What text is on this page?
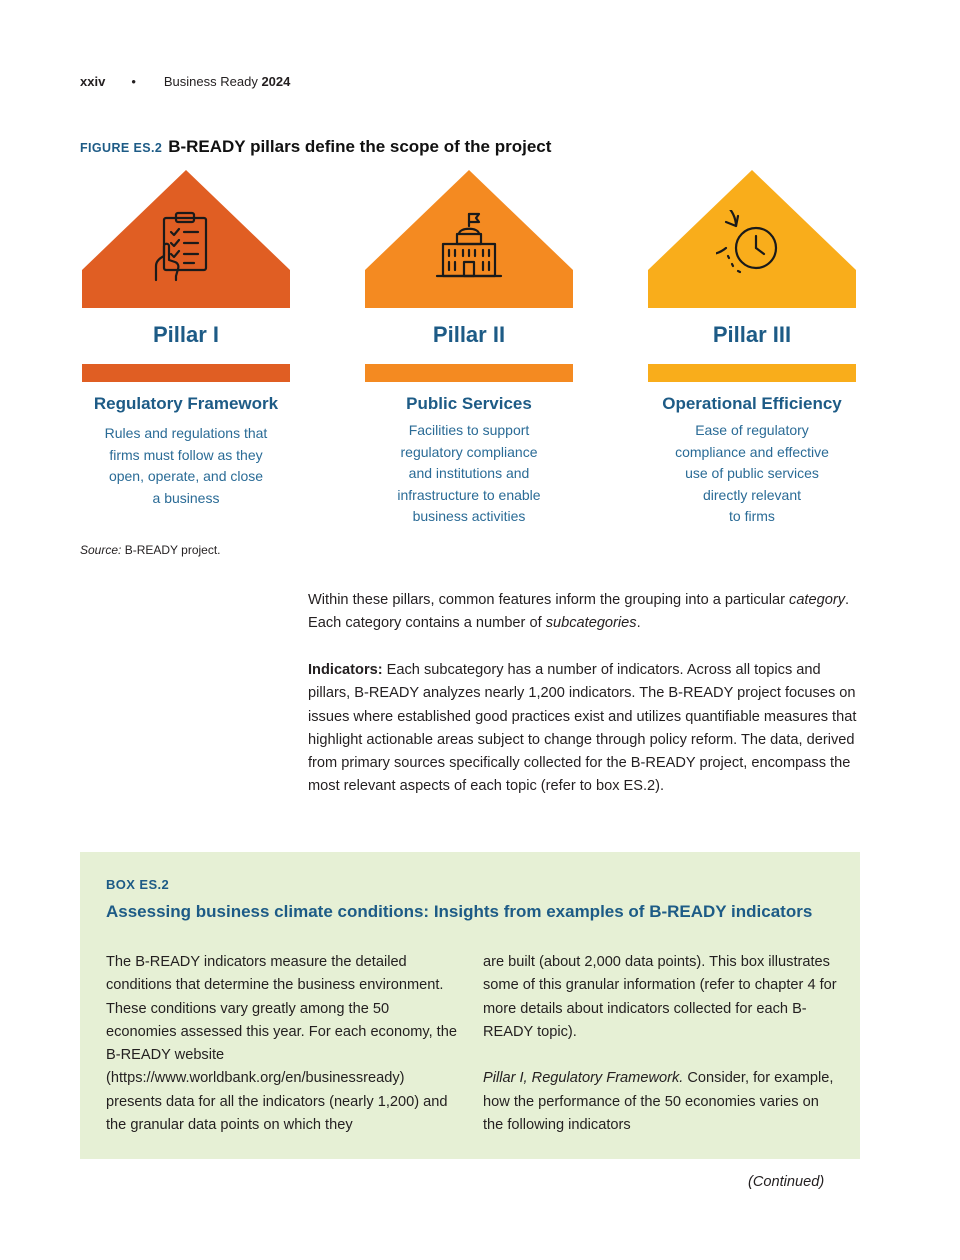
xxiv • Business Ready 2024
FIGURE ES.2 B-READY pillars define the scope of the project
Pillar I
Regulatory Framework
Rules and regulations that
firms must follow as they
open, operate, and close
a business
Pillar II
Public Services
Facilities to support
regulatory compliance
and institutions and
infrastructure to enable
business activities
Pillar III
Operational Efficiency
Ease of regulatory
compliance and effective
use of public services
directly relevant
to firms
Source: B-READY project.

Within these pillars, common features inform the grouping into a particular category. Each category contains a number of subcategories.

Indicators: Each subcategory has a number of indicators. Across all topics and pillars, B-READY analyzes nearly 1,200 indicators. The B-READY project focuses on issues where established good practices exist and utilizes quantifiable measures that highlight actionable areas subject to change through policy reform. The data, derived from primary sources specifically collected for the B-READY project, encompass the most relevant aspects of each topic (refer to box ES.2).

BOX ES.2
Assessing business climate conditions: Insights from examples of B-READY indicators

The B-READY indicators measure the detailed conditions that determine the business environment. These conditions vary greatly among the 50 economies assessed this year. For each economy, the B-READY website (https://www.worldbank.org/en/businessready) presents data for all the indicators (nearly 1,200) and the granular data points on which they

are built (about 2,000 data points). This box illustrates some of this granular information (refer to chapter 4 for more details about indicators collected for each B-READY topic).
Pillar I, Regulatory Framework. Consider, for example, how the performance of the 50 economies varies on the following indicators
(Continued)
